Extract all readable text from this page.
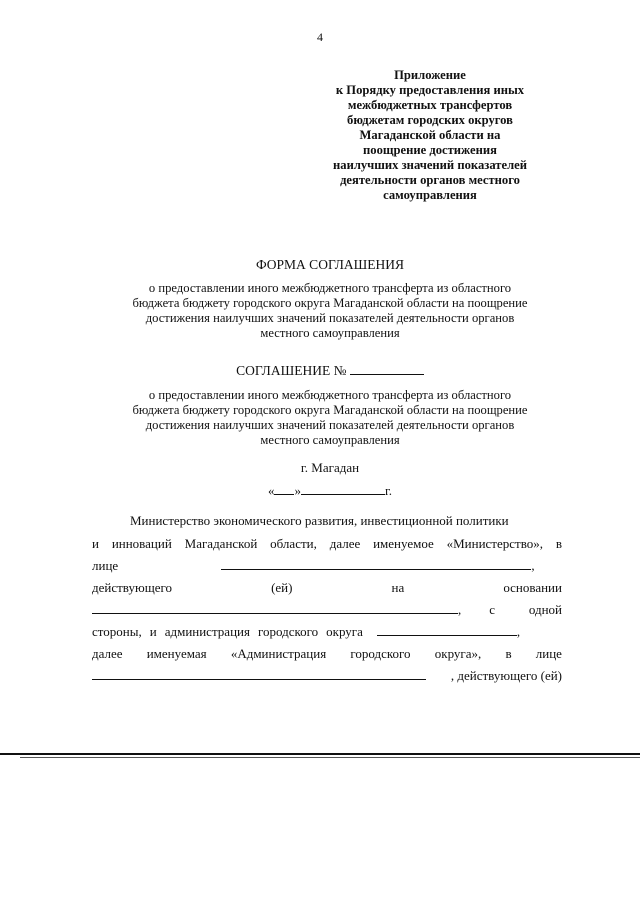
4
Приложение
к Порядку предоставления иных
межбюджетных трансфертов
бюджетам городских округов
Магаданской области на
поощрение достижения
наилучших значений показателей
деятельности органов местного
самоуправления
ФОРМА СОГЛАШЕНИЯ
о предоставлении иного межбюджетного трансферта из областного
бюджета бюджету городского округа Магаданской области на поощрение
достижения наилучших значений показателей деятельности органов
местного самоуправления
СОГЛАШЕНИЕ №
о предоставлении иного межбюджетного трансферта из областного
бюджета бюджету городского округа Магаданской области на поощрение
достижения наилучших значений показателей деятельности органов
местного самоуправления
г. Магадан
« »	г.
Министерство экономического развития, инвестиционной политики
и инноваций Магаданской области, далее именуемое «Министерство», в
лице	,
действующего	(ей)	на	основании
, с	одной
стороны, и администрация городского округа	,
далее именуемая «Администрация городского округа», в лице
, действующего (ей)
